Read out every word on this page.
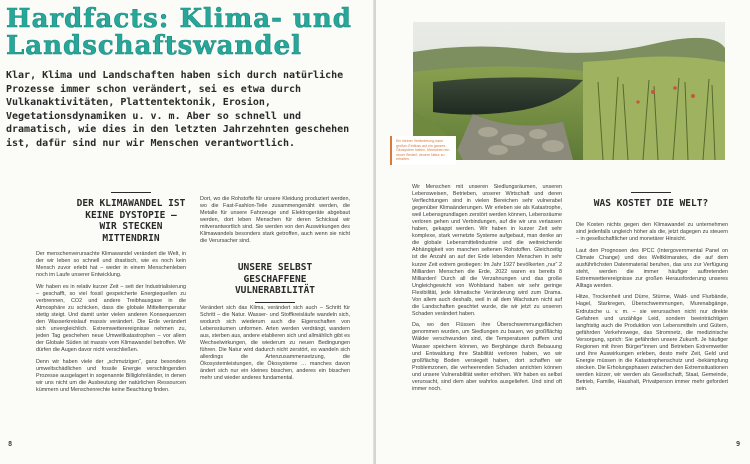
Hardfacts: Klima- und
Landschaftswandel
Klar, Klima und Landschaften haben sich durch natürliche Prozesse immer schon verändert, sei es etwa durch Vulkanaktivitäten, Plattentektonik, Erosion, Vegetationsdynamiken u. v. m. Aber so schnell und dramatisch, wie dies in den letzten Jahrzehnten geschehen ist, dafür sind nur wir Menschen verantwortlich.
DER KLIMAWANDEL IST KEINE DYSTOPIE – WIR STECKEN MITTENDRIN

Der menschenverursachte Klimawandel verändert die Welt, in der wir leben so schnell und drastisch, wie es noch kein Mensch zuvor erlebt hat – weder in einem Menschenleben noch im Laufe unserer Entwicklung.

Wir haben es in relativ kurzer Zeit – seit der Industrialisierung – geschafft, so viel fossil gespeicherte Energiequellen zu verbrennen, CO2 und andere Treibhausgase in die Atmosphäre zu schicken, dass die globale Mitteltemperatur stetig steigt. Und damit unter vielen anderen Konsequenzen den Wasserkreislauf massiv verändert. Die Erde verändert sich unvergleichlich. Extremwetterereignisse nehmen zu, jeden Tag geschehen neue Umweltkatastrophen – vor allem der Globale Süden ist massiv vom Klimawandel betroffen. Wir dürfen die Augen davor nicht verschließen.

Denn wir haben viele der „schmutzigen“, ganz besonders umweltschädlichen und fossile Energie verschlingenden Prozesse ausgelagert in sogenannte Billiglohnländer, in denen wir uns nicht um die Ausbeutung der natürlichen Ressourcen kümmern und Menschenrechte keine Beachtung finden.

Dort, wo die Rohstoffe für unsere Kleidung produziert werden, wo die Fast-Fashion-Teile zusammengenäht werden, die Metalle für unsere Fahrzeuge und Elektrogeräte abgebaut werden, dort leben Menschen für deren Schicksal wir mitverantwortlich sind. Sie werden von den Auswirkungen des Klimawandels besonders stark getroffen, auch wenn sie nicht die Verursacher sind.

UNSERE SELBST GESCHAFFENE VULNERABILITÄT

Verändert sich das Klima, verändert sich auch – Schritt für Schritt – die Natur. Wasser- und Stoffkreisläufe wandeln sich, wodurch sich wiederum auch die Eigenschaften von Lebensräumen unformen. Arten werden verdrängt, wandern aus, sterben aus, andere etablieren sich und allmählich gibt es Wechselwirkungen, die wiederum zu neuen Bedingungen führen. Die Natur wird dadurch nicht zerstört, es wandeln sich allerdings die Artenzusammensetzung, die Ökosystemleistungen, die Ökosysteme … manches davon ändert sich nur ein kleines bisschen, anderes ein bisschen mehr und wieder anderes fundamental.

8
Ein kleiner Veränderung kann großen Einfluss auf ein ganzes Ökosystem haben. Menschen ein neuer Bedarf, neuere Natur zu erhalten.

Wir Menschen mit unseren Siedlungsräumen, unseren Lebensweisen, Betrieben, unserer Wirtschaft und deren Verflechtungen sind in vielen Bereichen sehr vulnerabel gegenüber Klimaänderungen. Wir erleben sie als Katastrophe, weil Lebensgrundlagen zerstört werden können, Lebensräume verloren gehen und Verbindungen, auf die wir uns verlassen haben, gekappt werden. Wir haben in kurzer Zeit sehr komplexe, stark vernetzte Systeme aufgebaut, man denke an die globale Lebensmittelindustrie und die weitreichende Abhängigkeit von manchen seltenen Rohstoffen. Gleichzeitig ist die Anzahl an auf der Erde lebenden Menschen in sehr kurzer Zeit extrem gestiegen: Im Jahr 1927 bevölkerten „nur“ 2 Milliarden Menschen die Erde, 2022 waren es bereits 8 Milliarden! Durch all die Verzahnungen und das große Ungleichgewicht von Wohlstand haben wir sehr geringe Flexibilität, jede klimatische Veränderung wird zum Drama. Von allem auch deshalb, weil in all dem Wachstum nicht auf die Landschaften geachtet wurde, die wir jetzt zu unseren Schaden verändert haben.

Da, wo den Flüssen ihre Überschwemmungsflächen genommen wurden, um Siedlungen zu bauen, wo großflächig Wälder verschwunden sind, die Temperaturen puffern und Wasser speichern können, wo Berghänge durch Bebauung und Entwaldung ihre Stabilität verloren haben, wo wir großflächig Boden versiegelt haben, dort schaffen wir Problemzonen, die verheerenden Schaden anrichten können und unsere Vulnerabilität weiter erhöhen. Wir haben es selbst verursacht, sind dem aber wahrlos ausgeliefert. Und sind oft immer noch.

WAS KOSTET DIE WELT?

Die Kosten nichts gegen den Klimawandel zu unternehmen sind jedenfalls ungleich höher als die, jetzt dagegen zu steuern – in gesellschaftlicher und monetärer Hinsicht.

Laut den Prognosen des IPCC (Intergovernmental Panel on Climate Change) und des Weltklimarates, die auf dem ausführlichsten Datenmaterial beruhen, das uns zur Verfügung steht, werden die immer häufiger auftretenden Extremwetterereignisse zur großen Herausforderung unseres Alltags werden.

Hitze, Trockenheit und Dürre, Stürme, Wald- und Flurbände, Hagel, Starkregen, Überschwemmungen, Murenabgänge, Erdrutsche u. v. m. – sie verursachen nicht nur direkte Gefahren und unzählige Leid, sondern beeinträchtigen langfristig auch die Produktion von Lebensmitteln und Gütern, gefährden Verkehrswege, das Stromnetz, die medizinische Versorgung, sprich: Sie gefährden unsere Zukunft. Je häufiger Regionen mit ihren Bürger*innen und Betrieben Extremwetter und ihre Auswirkungen erleben, desto mehr Zeit, Geld und Energie müssen in die Katastrophenschutz und -bekämpfung stecken. Die Erholungsphasen zwischen den Extremsituationen werden kürzer, wir werden als Gesellschaft, Staat, Gemeinde, Betrieb, Familie, Haushalt, Privatperson immer mehr gefordert sein.

9
